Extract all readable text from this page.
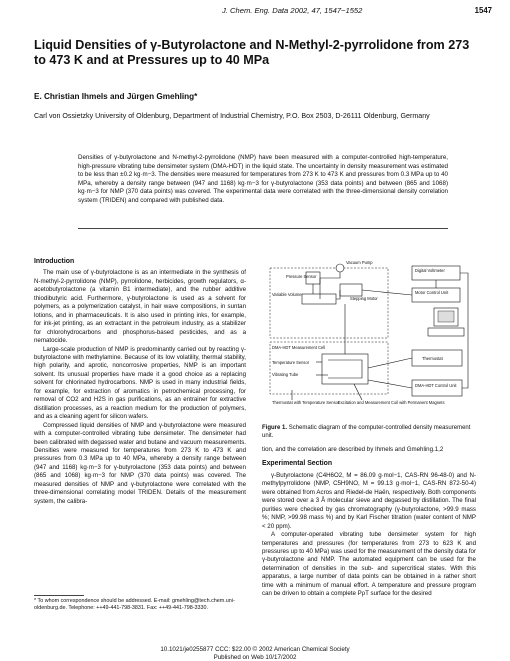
J. Chem. Eng. Data 2002, 47, 1547−1552	1547
Liquid Densities of γ-Butyrolactone and N-Methyl-2-pyrrolidone from 273 to 473 K and at Pressures up to 40 MPa
E. Christian Ihmels and Jürgen Gmehling*
Carl von Ossietzky University of Oldenburg, Department of Industrial Chemistry, P.O. Box 2503, D-26111 Oldenburg, Germany
Densities of γ-butyrolactone and N-methyl-2-pyrrolidone (NMP) have been measured with a computer-controlled high-temperature, high-pressure vibrating tube densimeter system (DMA-HDT) in the liquid state. The uncertainty in density measurement was estimated to be less than ±0.2 kg·m−3. The densities were measured for temperatures from 273 K to 473 K and pressures from 0.3 MPa up to 40 MPa, whereby a density range between (947 and 1168) kg·m−3 for γ-butyrolactone (353 data points) and between (865 and 1068) kg·m−3 for NMP (370 data points) was covered. The experimental data were correlated with the three-dimensional density correlation system (TRIDEN) and compared with published data.
Introduction

The main use of γ-butyrolactone is as an intermediate in the synthesis of N-methyl-2-pyrrolidone (NMP), pyrrolidone, herbicides, growth regulators, α-acetobutyrolactone (a vitamin B1 intermediate), and the rubber additive thiodibutyric acid. Furthermore, γ-butyrolactone is used as a solvent for polymers, as a polymerization catalyst, in hair wave compositions, in suntan lotions, and in pharmaceuticals. It is also used in printing inks, for example, for ink-jet printing, as an extractant in the petroleum industry, as a stabilizer for chlorohydrocarbons and phosphorus-based pesticides, and as a nematocide.

Large-scale production of NMP is predominantly carried out by reacting γ-butyrolactone with methylamine. Because of its low volatility, thermal stability, high polarity, and aprotic, noncorrosive properties, NMP is an important solvent. Its unusual properties have made it a good choice as a replacing solvent for chlorinated hydrocarbons. NMP is used in many industrial fields, for example, for extraction of aromatics in petrochemical processing, for removal of CO2 and H2S in gas purifications, as an entrainer for extractive distillation processes, as a reaction medium for the production of polymers, and as a cleaning agent for silicon wafers.

Compressed liquid densities of NMP and γ-butyrolactone were measured with a computer-controlled vibrating tube densimeter. The densimeter had been calibrated with degassed water and butane and vacuum measurements. Densities were measured for temperatures from 273 K to 473 K and pressures from 0.3 MPa up to 40 MPa, whereby a density range between (947 and 1168) kg·m−3 for γ-butyrolactone (353 data points) and between (865 and 1068) kg·m−3 for NMP (370 data points) was covered. The measured densities of NMP and γ-butyrolactone were correlated with the three-dimensional correlating model TRIDEN. Details of the measurement system, the calibra-

* To whom correspondence should be addressed. E-mail: gmehling@tech.chem.uni-oldenburg.de. Telephone: ++49-441-798-3831. Fax: ++49-441-798-3330.
Pressure Sensor
Vacuum Pump
Stepping Motor
Variable Volume
Digital Voltmeter
Motor Control Unit
DMA-HDT Measurement Cell
Temperature Sensor
Vibrating Tube
Thermostat
DMA-HDT Control Unit
Thermostat with Temperature Sensor
Excitation and Measurement Coil with Permanent Magnets
Figure 1. Schematic diagram of the computer-controlled density measurement unit.

tion, and the correlation are described by Ihmels and Gmehling.1,2

Experimental Section

γ-Butyrolactone (C4H6O2, M = 86.09 g·mol−1, CAS-RN 96-48-0) and N-methylpyrrolidone (NMP, C5H9NO, M = 99.13 g·mol−1, CAS-RN 872-50-4) were obtained from Acros and Riedel-de Haën, respectively. Both components were stored over a 3 Å molecular sieve and degassed by distillation. The final purities were checked by gas chromatography (γ-butyrolactone, >99.9 mass %; NMP, >99.98 mass %) and by Karl Fischer titration (water content of NMP < 20 ppm).

A computer-operated vibrating tube densimeter system for high temperatures and pressures (for temperatures from 273 to 623 K and pressures up to 40 MPa) was used for the measurement of the density data for γ-butyrolactone and NMP. The automated equipment can be used for the determination of densities in the sub- and supercritical states. With this apparatus, a large number of data points can be obtained in a rather short time with a minimum of manual effort. A temperature and pressure program can be driven to obtain a complete PρT surface for the desired

10.1021/je0255877 CCC: $22.00 © 2002 American Chemical Society
Published on Web 10/17/2002
